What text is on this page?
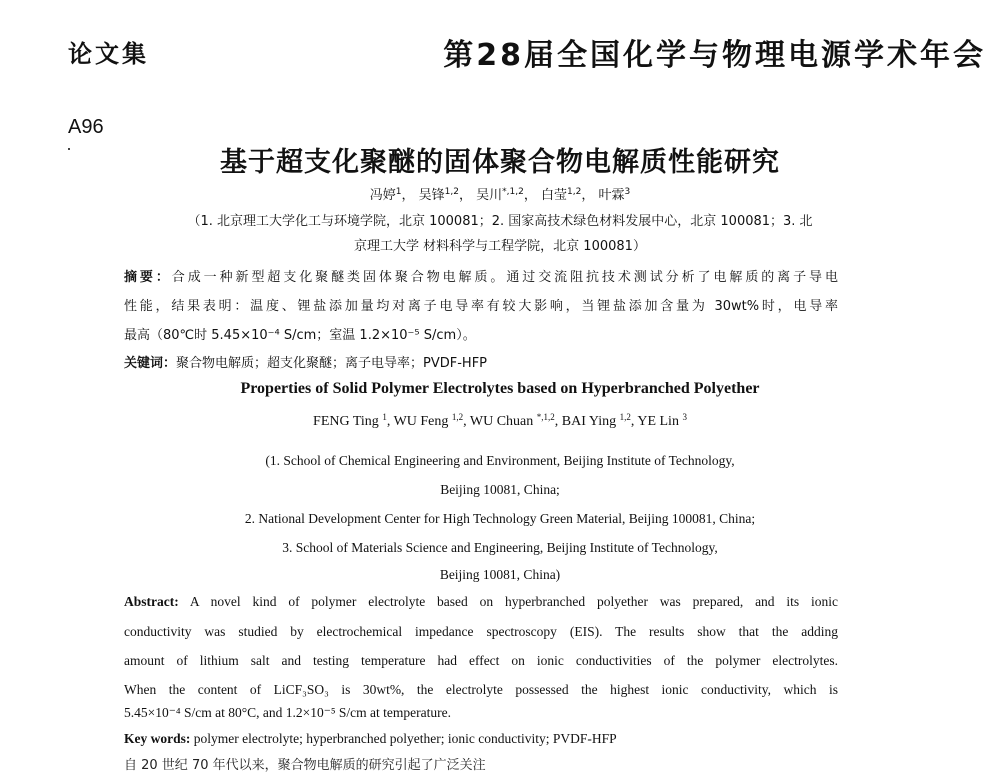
论文集	第28届全国化学与物理电源学术年会
A96
基于超支化聚醚的固体聚合物电解质性能研究
冯婷$^1$， 吴锋$^{1,2}$， 吴川$^{*,1,2}$， 白莹$^{1,2}$， 叶霖$^3$
（1. 北京理工大学化工与环境学院，北京 100081；2. 国家高技术绿色材料发展中心，北京 100081；3. 北
京理工大学 材料科学与工程学院，北京 100081）
摘要：合成一种新型超支化聚醚类固体聚合物电解质。通过交流阻抗技术测试分析了电解质的离子导电
性能，结果表明：温度、锂盐添加量均对离子电导率有较大影响，当锂盐添加含量为 30wt%时，电导率
最高（80℃时 5.45×10⁻⁴ S/cm；室温 1.2×10⁻⁵ S/cm）。
关键词：聚合物电解质；超支化聚醚；离子电导率；PVDF-HFP
Properties of Solid Polymer Electrolytes based on Hyperbranched Polyether
FENG Ting $^1$, WU Feng $^{1,2}$, WU Chuan $^{*,1,2}$, BAI Ying $^{1,2}$, YE Lin $^3$
(1. School of Chemical Engineering and Environment, Beijing Institute of Technology,
Beijing 10081, China;
2. National Development Center for High Technology Green Material, Beijing 100081, China;
3. School of Materials Science and Engineering, Beijing Institute of Technology,
Beijing 10081, China)
Abstract: A novel kind of polymer electrolyte based on hyperbranched polyether was prepared, and its ionic
conductivity was studied by electrochemical impedance spectroscopy (EIS). The results show that the adding
amount of lithium salt and testing temperature had effect on ionic conductivities of the polymer electrolytes.
When the content of LiCF₃SO₃ is 30wt%, the electrolyte possessed the highest ionic conductivity, which is
5.45×10⁻⁴ S/cm at 80°C, and 1.2×10⁻⁵ S/cm at temperature.
Key words: polymer electrolyte; hyperbranched polyether; ionic conductivity; PVDF-HFP
自 20 世纪 70 年代以来，聚合物电解质的研究引起了广泛关注
